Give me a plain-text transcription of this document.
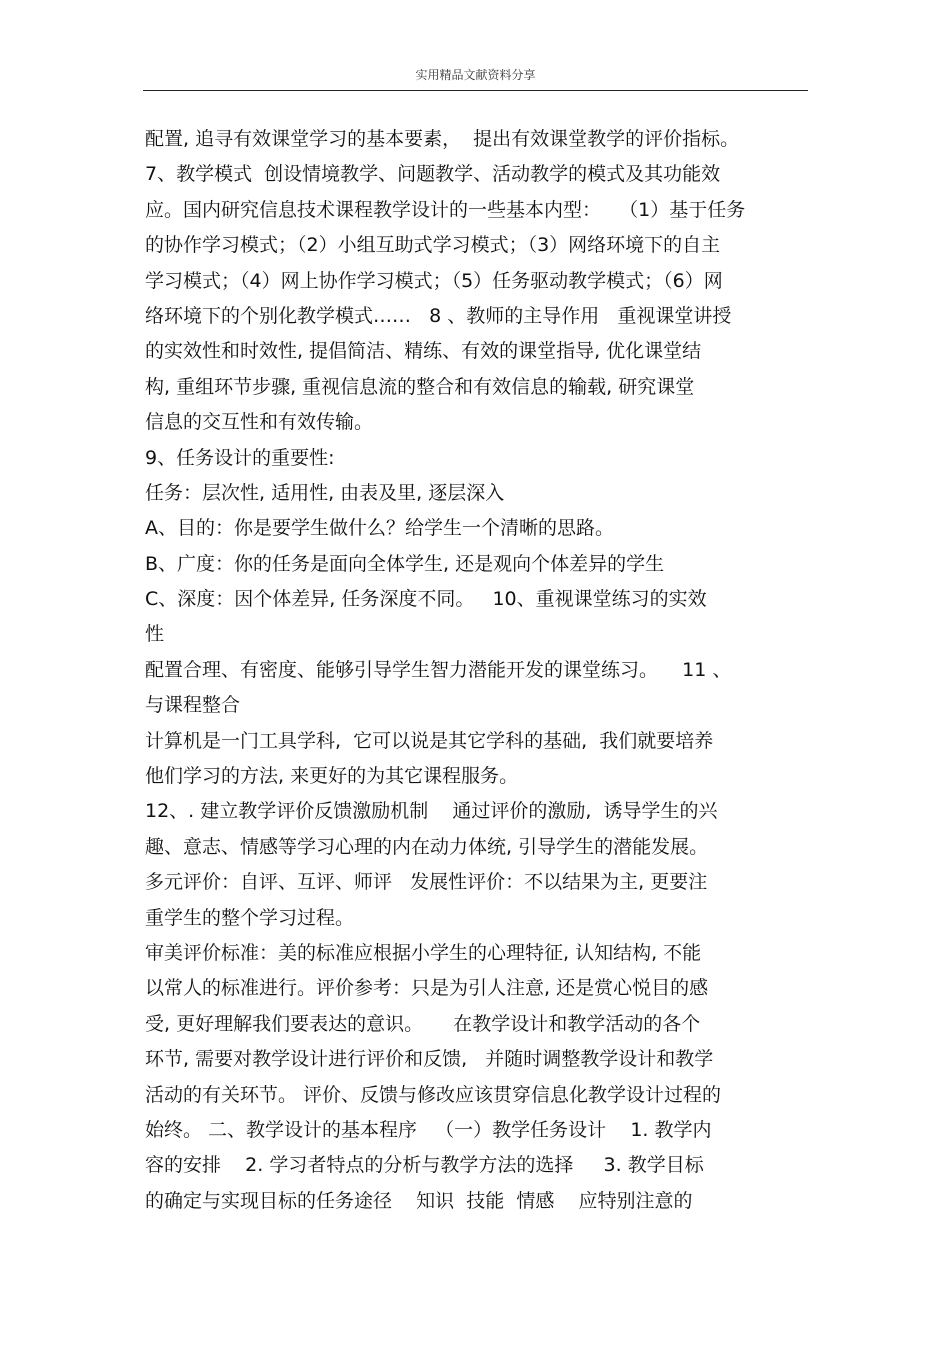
实用精品文献资料分享
配置, 追寻有效课堂学习的基本要素，  提出有效课堂教学的评价指标。
7、教学模式  创设情境教学、问题教学、活动教学的模式及其功能效
应。国内研究信息技术课程教学设计的一些基本内型：   （1）基于任务
的协作学习模式；（2）小组互助式学习模式；（3）网络环境下的自主
学习模式；（4）网上协作学习模式；（5）任务驱动教学模式；（6）网
络环境下的个别化教学模式……   8 、教师的主导作用   重视课堂讲授
的实效性和时效性, 提倡简洁、精练、有效的课堂指导, 优化课堂结
构, 重组环节步骤, 重视信息流的整合和有效信息的输载, 研究课堂
信息的交互性和有效传输。
9、任务设计的重要性:
任务：层次性, 适用性, 由表及里, 逐层深入
A、目的：你是要学生做什么？给学生一个清晰的思路。
B、广度：你的任务是面向全体学生, 还是观向个体差异的学生
C、深度：因个体差异, 任务深度不同。   10、重视课堂练习的实效
性
配置合理、有密度、能够引导学生智力潜能开发的课堂练习。    11 、
与课程整合
计算机是一门工具学科,  它可以说是其它学科的基础,  我们就要培养
他们学习的方法, 来更好的为其它课程服务。
12、. 建立教学评价反馈激励机制    通过评价的激励,  诱导学生的兴
趣、意志、情感等学习心理的内在动力体统, 引导学生的潜能发展。
多元评价：自评、互评、师评   发展性评价：不以结果为主, 更要注
重学生的整个学习过程。
审美评价标准：美的标准应根据小学生的心理特征, 认知结构, 不能
以常人的标准进行。评价参考：只是为引人注意, 还是赏心悦目的感
受, 更好理解我们要表达的意识。     在教学设计和教学活动的各个
环节, 需要对教学设计进行评价和反馈,   并随时调整教学设计和教学
活动的有关环节。 评价、反馈与修改应该贯穿信息化教学设计过程的
始终。 二、教学设计的基本程序   （一）教学任务设计    1. 教学内
容的安排    2. 学习者特点的分析与教学方法的选择     3. 教学目标
的确定与实现目标的任务途径    知识  技能  情感    应特别注意的
